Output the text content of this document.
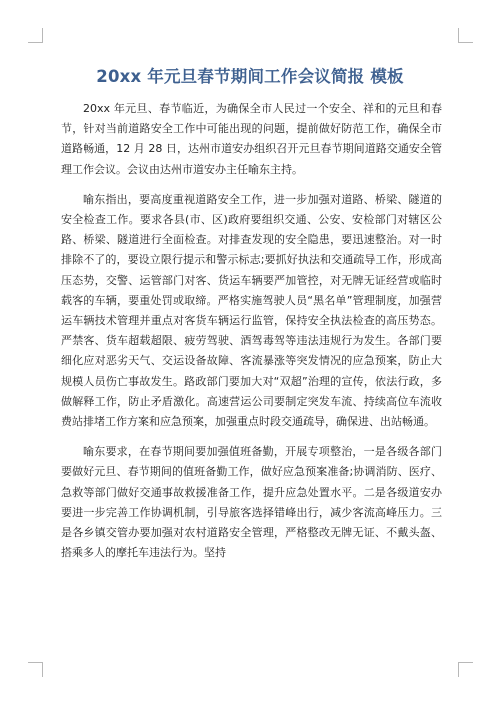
20xx 年元旦春节期间工作会议简报 模板

20xx 年元旦、春节临近，为确保全市人民过一个安全、祥和的元旦和春节，针对当前道路安全工作中可能出现的问题，提前做好防范工作，确保全市道路畅通，12 月 28 日，达州市道安办组织召开元旦春节期间道路交通安全管理工作会议。会议由达州市道安办主任喻东主持。

喻东指出，要高度重视道路安全工作，进一步加强对道路、桥梁、隧道的安全检查工作。要求各县(市、区)政府要组织交通、公安、安检部门对辖区公路、桥梁、隧道进行全面检查。对排查发现的安全隐患，要迅速整治。对一时排除不了的，要设立限行提示和警示标志;要抓好执法和交通疏导工作，形成高压态势，交警、运管部门对客、货运车辆要严加管控，对无牌无证经营或临时载客的车辆，要重处罚或取缔。严格实施驾驶人员“黑名单”管理制度，加强营运车辆技术管理并重点对客货车辆运行监管，保持安全执法检查的高压势态。严禁客、货车超载超限、疲劳驾驶、酒驾毒驾等违法违规行为发生。各部门要细化应对恶劣天气、交运设备故障、客流暴涨等突发情况的应急预案，防止大规模人员伤亡事故发生。路政部门要加大对“双超”治理的宣传，依法行政，多做解释工作，防止矛盾激化。高速营运公司要制定突发车流、持续高位车流收费站排堵工作方案和应急预案，加强重点时段交通疏导，确保进、出站畅通。

喻东要求，在春节期间要加强值班备勤，开展专项整治，一是各级各部门要做好元旦、春节期间的值班备勤工作，做好应急预案准备;协调消防、医疗、急救等部门做好交通事故救援准备工作，提升应急处置水平。二是各级道安办要进一步完善工作协调机制，引导旅客选择错峰出行，减少客流高峰压力。三是各乡镇交管办要加强对农村道路安全管理，严格整改无牌无证、不戴头盔、搭乘多人的摩托车违法行为。坚持
